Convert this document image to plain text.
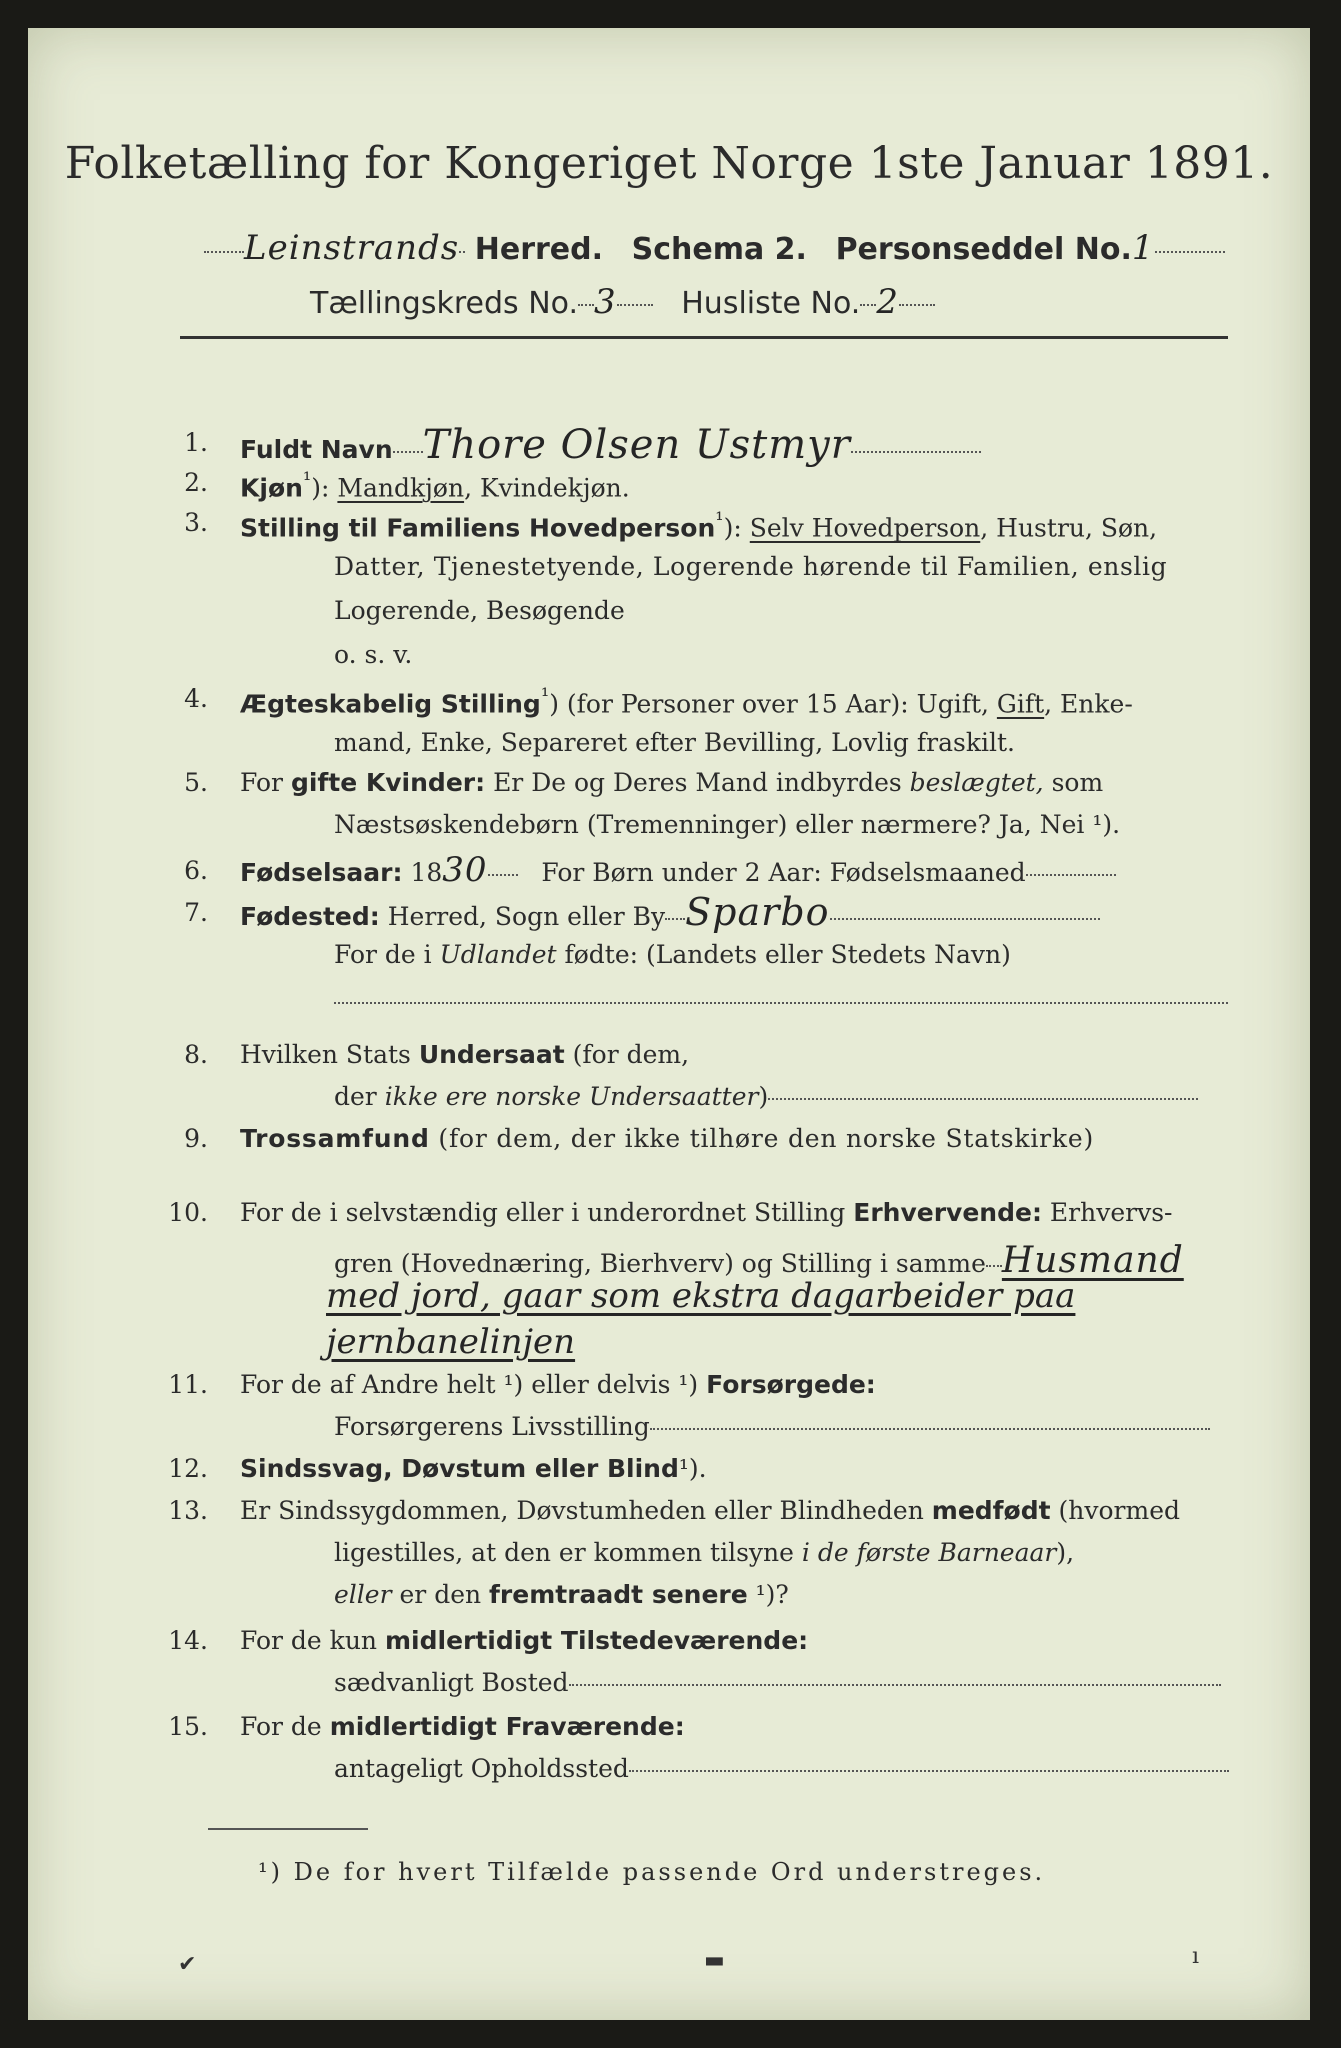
Folketælling for Kongeriget Norge 1ste Januar 1891.
Leinstrands Herred. Schema 2. Personseddel No.1
Tællingskreds No. 3 Husliste No. 2
1. Fuldt Navn Thore Olsen Ustmyr
2. Kjøn$^{^1}$): Mandkjøn, Kvindekjøn.
3. Stilling til Familiens Hovedperson$^{^1}$): Selv Hovedperson, Hustru, Søn,
Datter, Tjenestetyende, Logerende hørende til Familien, enslig
Logerende, Besøgende
o. s. v.
4. Ægteskabelig Stilling$^{^1}$) (for Personer over 15 Aar): Ugift, Gift, Enke-
mand, Enke, Separeret efter Bevilling, Lovlig fraskilt.
5. For gifte Kvinder: Er De og Deres Mand indbyrdes beslægtet, som
Næstsøskendebørn (Tremenninger) eller nærmere? Ja, Nei ¹).
6. Fødselsaar: 1830 For Børn under 2 Aar: Fødselsmaaned
7. Fødested: Herred, Sogn eller By Sparbo
For de i Udlandet fødte: (Landets eller Stedets Navn)
8. Hvilken Stats Undersaat (for dem,
der ikke ere norske Undersaatter)
9. Trossamfund (for dem, der ikke tilhøre den norske Statskirke)
10. For de i selvstændig eller i underordnet Stilling Erhvervende: Erhvervs-
gren (Hovednæring, Bierhverv) og Stilling i samme Husmand
med jord, gaar som ekstra dagarbeider paa
jernbanelinjen
11. For de af Andre helt ¹) eller delvis ¹) Forsørgede:
Forsørgerens Livsstilling
12. Sindssvag, Døvstum eller Blind¹).
13. Er Sindssygdommen, Døvstumheden eller Blindheden medfødt (hvormed
ligestilles, at den er kommen tilsyne i de første Barneaar),
eller er den fremtraadt senere ¹)?
14. For de kun midlertidigt Tilstedeværende:
sædvanligt Bosted
15. For de midlertidigt Fraværende:
antageligt Opholdssted
¹) De for hvert Tilfælde passende Ord understreges.
✔	▬	ı
